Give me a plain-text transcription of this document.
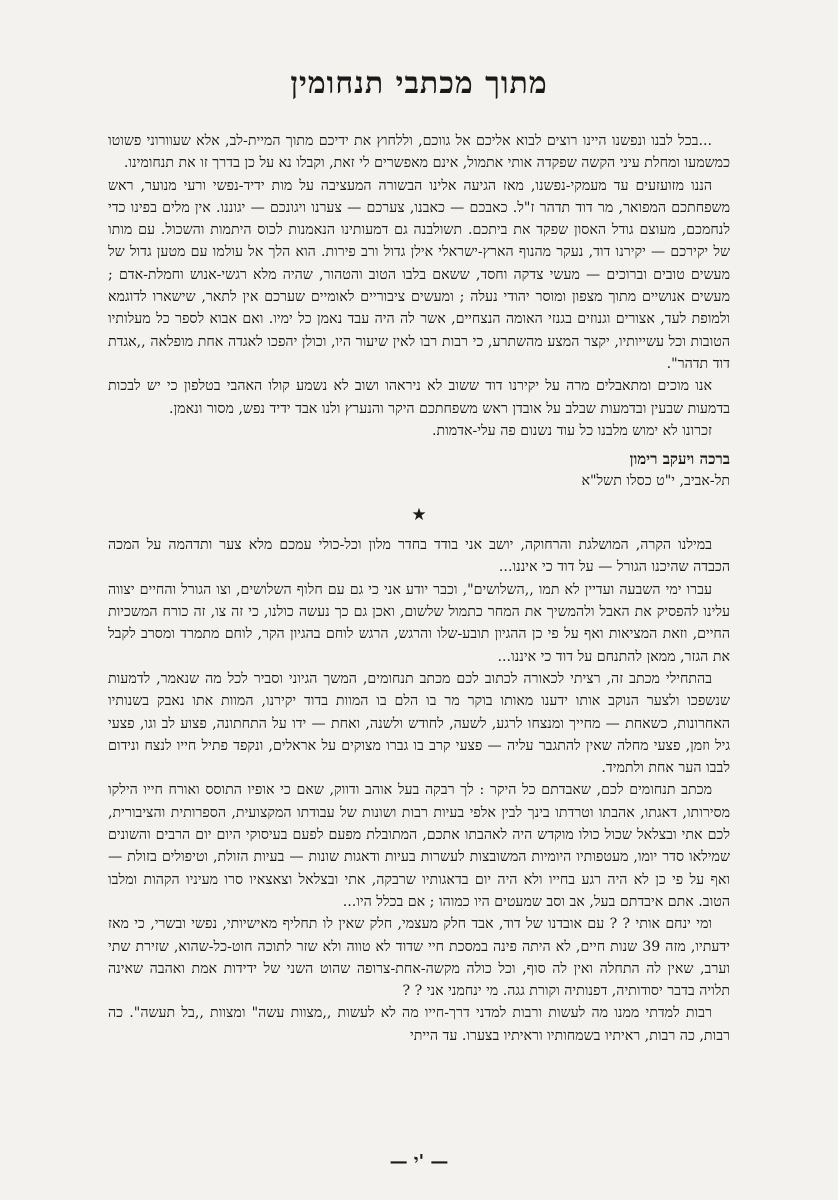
מתוך מכתבי תנחומין

...בכל לבנו ונפשנו היינו רוצים לבוא אליכם אל גווכם, וללחוץ את ידיכם מתוך המיית-לב, אלא שעוורוני פשוטו כמשמעו ומחלת עיני הקשה שפקדה אותי אתמול, אינם מאפשרים לי זאת, וקבלו נא על כן בדרך זו את תנחומינו.

הננו מזועזעים עד מעמקי-נפשנו, מאז הגיעה אלינו הבשורה המעציבה על מות ידיד-נפשי ורעי מנוער, ראש משפחתכם המפואר, מר דוד תדהר ז"ל. כאבכם — כאבנו, צערכם — צערנו ויגונכם — יגוננו. אין מלים בפינו כדי לנחמכם, מעוצם גודל האסון שפקד את ביתכם. תשולבנה גם דמעותינו הנאמנות לכוס היתמות והשכול. עם מותו של יקירכם — יקירנו דוד, נעקר מהנוף הארץ-ישראלי אילן גדול ורב פירות. הוא הלך אל עולמו עם מטען גדול של מעשים טובים וברוכים — מעשי צדקה וחסד, ששאם בלבו הטוב והטהור, שהיה מלא רגשי-אנוש וחמלת-אדם ; מעשים אנושיים מתוך מצפון ומוסר יהודי נעלה ; ומעשים ציבוריים לאומיים שערכם אין לתאר, שישארו לדוגמא ולמופת לעד, אצורים וגנוזים בגנזי האומה הנצחיים, אשר לה היה עבד נאמן כל ימיו. ואם אבוא לספר כל מעלותיו הטובות וכל עשייותיו, יקצר המצע מהשתרע, כי רבות רבו לאין שיעור היו, וכולן יהפכו לאגדה אחת מופלאה ,,אגדת דוד תדהר".

אנו מוכים ומתאבלים מרה על יקירנו דוד ששוב לא ניראהו ושוב לא נשמע קולו האהבי בטלפון כי יש לבכות בדמעות שבעין ובדמעות שבלב על אובדן ראש משפחתכם היקר והנערץ ולנו אבד ידיד נפש, מסור ונאמן.

זכרונו לא ימוש מלבנו כל עוד נשנום פה עלי-אדמות.

ברכה ויעקב רימון
תל-אביב, י"ט כסלו תשל"א
★

במילנו הקרה, המושלגת והרחוקה, יושב אני בודד בחדר מלון וכל-כולי עמכם מלא צער ותדהמה על המכה הכבדה שהיכנו הגורל — על דוד כי איננו...

עברו ימי השבעה ועדיין לא תמו ,,השלושים", וכבר יודע אני כי גם עם חלוף השלושים, וצו הגורל והחיים יצווה עלינו להפסיק את האבל ולהמשיך את המחר כתמול שלשום, ואכן גם כך נעשה כולנו, כי זה צו, זה כורח המשכיות החיים, וזאת המציאות ואף על פי כן ההגיון תובע-שלו והרגש, הרגש לוחם בהגיון הקר, לוחם מתמרד ומסרב לקבל את הגזר, ממאן להתנחם על דוד כי איננו...

בהתחילי מכתב זה, רציתי לכאורה לכתוב לכם מכתב תנחומים, המשך הגיוני וסביר לכל מה שנאמר, לדמעות שנשפכו ולצער הנוקב אותו ידענו מאותו בוקר מר בו הלם בו המוות בדוד יקירנו, המוות אתו נאבק בשנותיו האחרונות, כשאחת — מחייך ומנצחו לרגע, לשעה, לחודש ולשנה, ואחת — ידו על התחתונה, פצוע לב וגו, פצעי גיל וזמן, פצעי מחלה שאין להתגבר עליה — פצעי קרב בו גברו מצוקים על אראלים, ונקפד פתיל חייו לנצח ונידום לבבו הער אחת ולתמיד.

מכתב תנחומים לכם, שאבדתם כל היקר : לך רבקה בעל אוהב ודווק, שאם כי אופיו התוסס ואורח חייו הילקו מסירותו, דאגתו, אהבתו וטרדתו בינך לבין אלפי בעיות רבות ושונות של עבודתו המקצועית, הספרותית והציבורית, לכם אתי ובצלאל שכול כולו מוקדש היה לאהבתו אתכם, המתובלת מפעם לפעם בעיסוקי היום יום הרבים והשונים שמילאו סדר יומו, מעטפותיו היומיות המשובצות לעשרות בעיות ודאגות שונות — בעיות הזולת, וטיפולים בזולת — ואף על פי כן לא היה רגע בחייו ולא היה יום בדאגותיו שרבקה, אתי ובצלאל וצאצאיו סרו מעיניו הקהות ומלבו הטוב. אתם איבדתם בעל, אב וסב שמעטים היו כמוהו ; אם בכלל היו...

ומי ינחם אותי ? ? עם אובדנו של דוד, אבד חלק מעצמי, חלק שאין לו תחליף מאישיותי, נפשי ובשרי, כי מאז ידעתיו, מזה 39 שנות חיים, לא היתה פינה במסכת חיי שדוד לא טווה ולא שזר לתוכה חוט-כל-שהוא, שזירת שתי וערב, שאין לה התחלה ואין לה סוף, וכל כולה מקשה-אחת-צרופה שהוט השני של ידידות אמת ואהבה שאינה תלויה בדבר יסודותיה, דפנותיה וקורת גגה. מי ינחמני אני ? ?

רבות למדתי ממנו מה לעשות ורבות למדני דרך-חייו מה לא לעשות ,,מצוות עשה" ומצוות ,,בל תעשה". כה רבות, כה רבות, ראיתיו בשמחותיו וראיתיו בצערו. עד הייתי

— י' —
